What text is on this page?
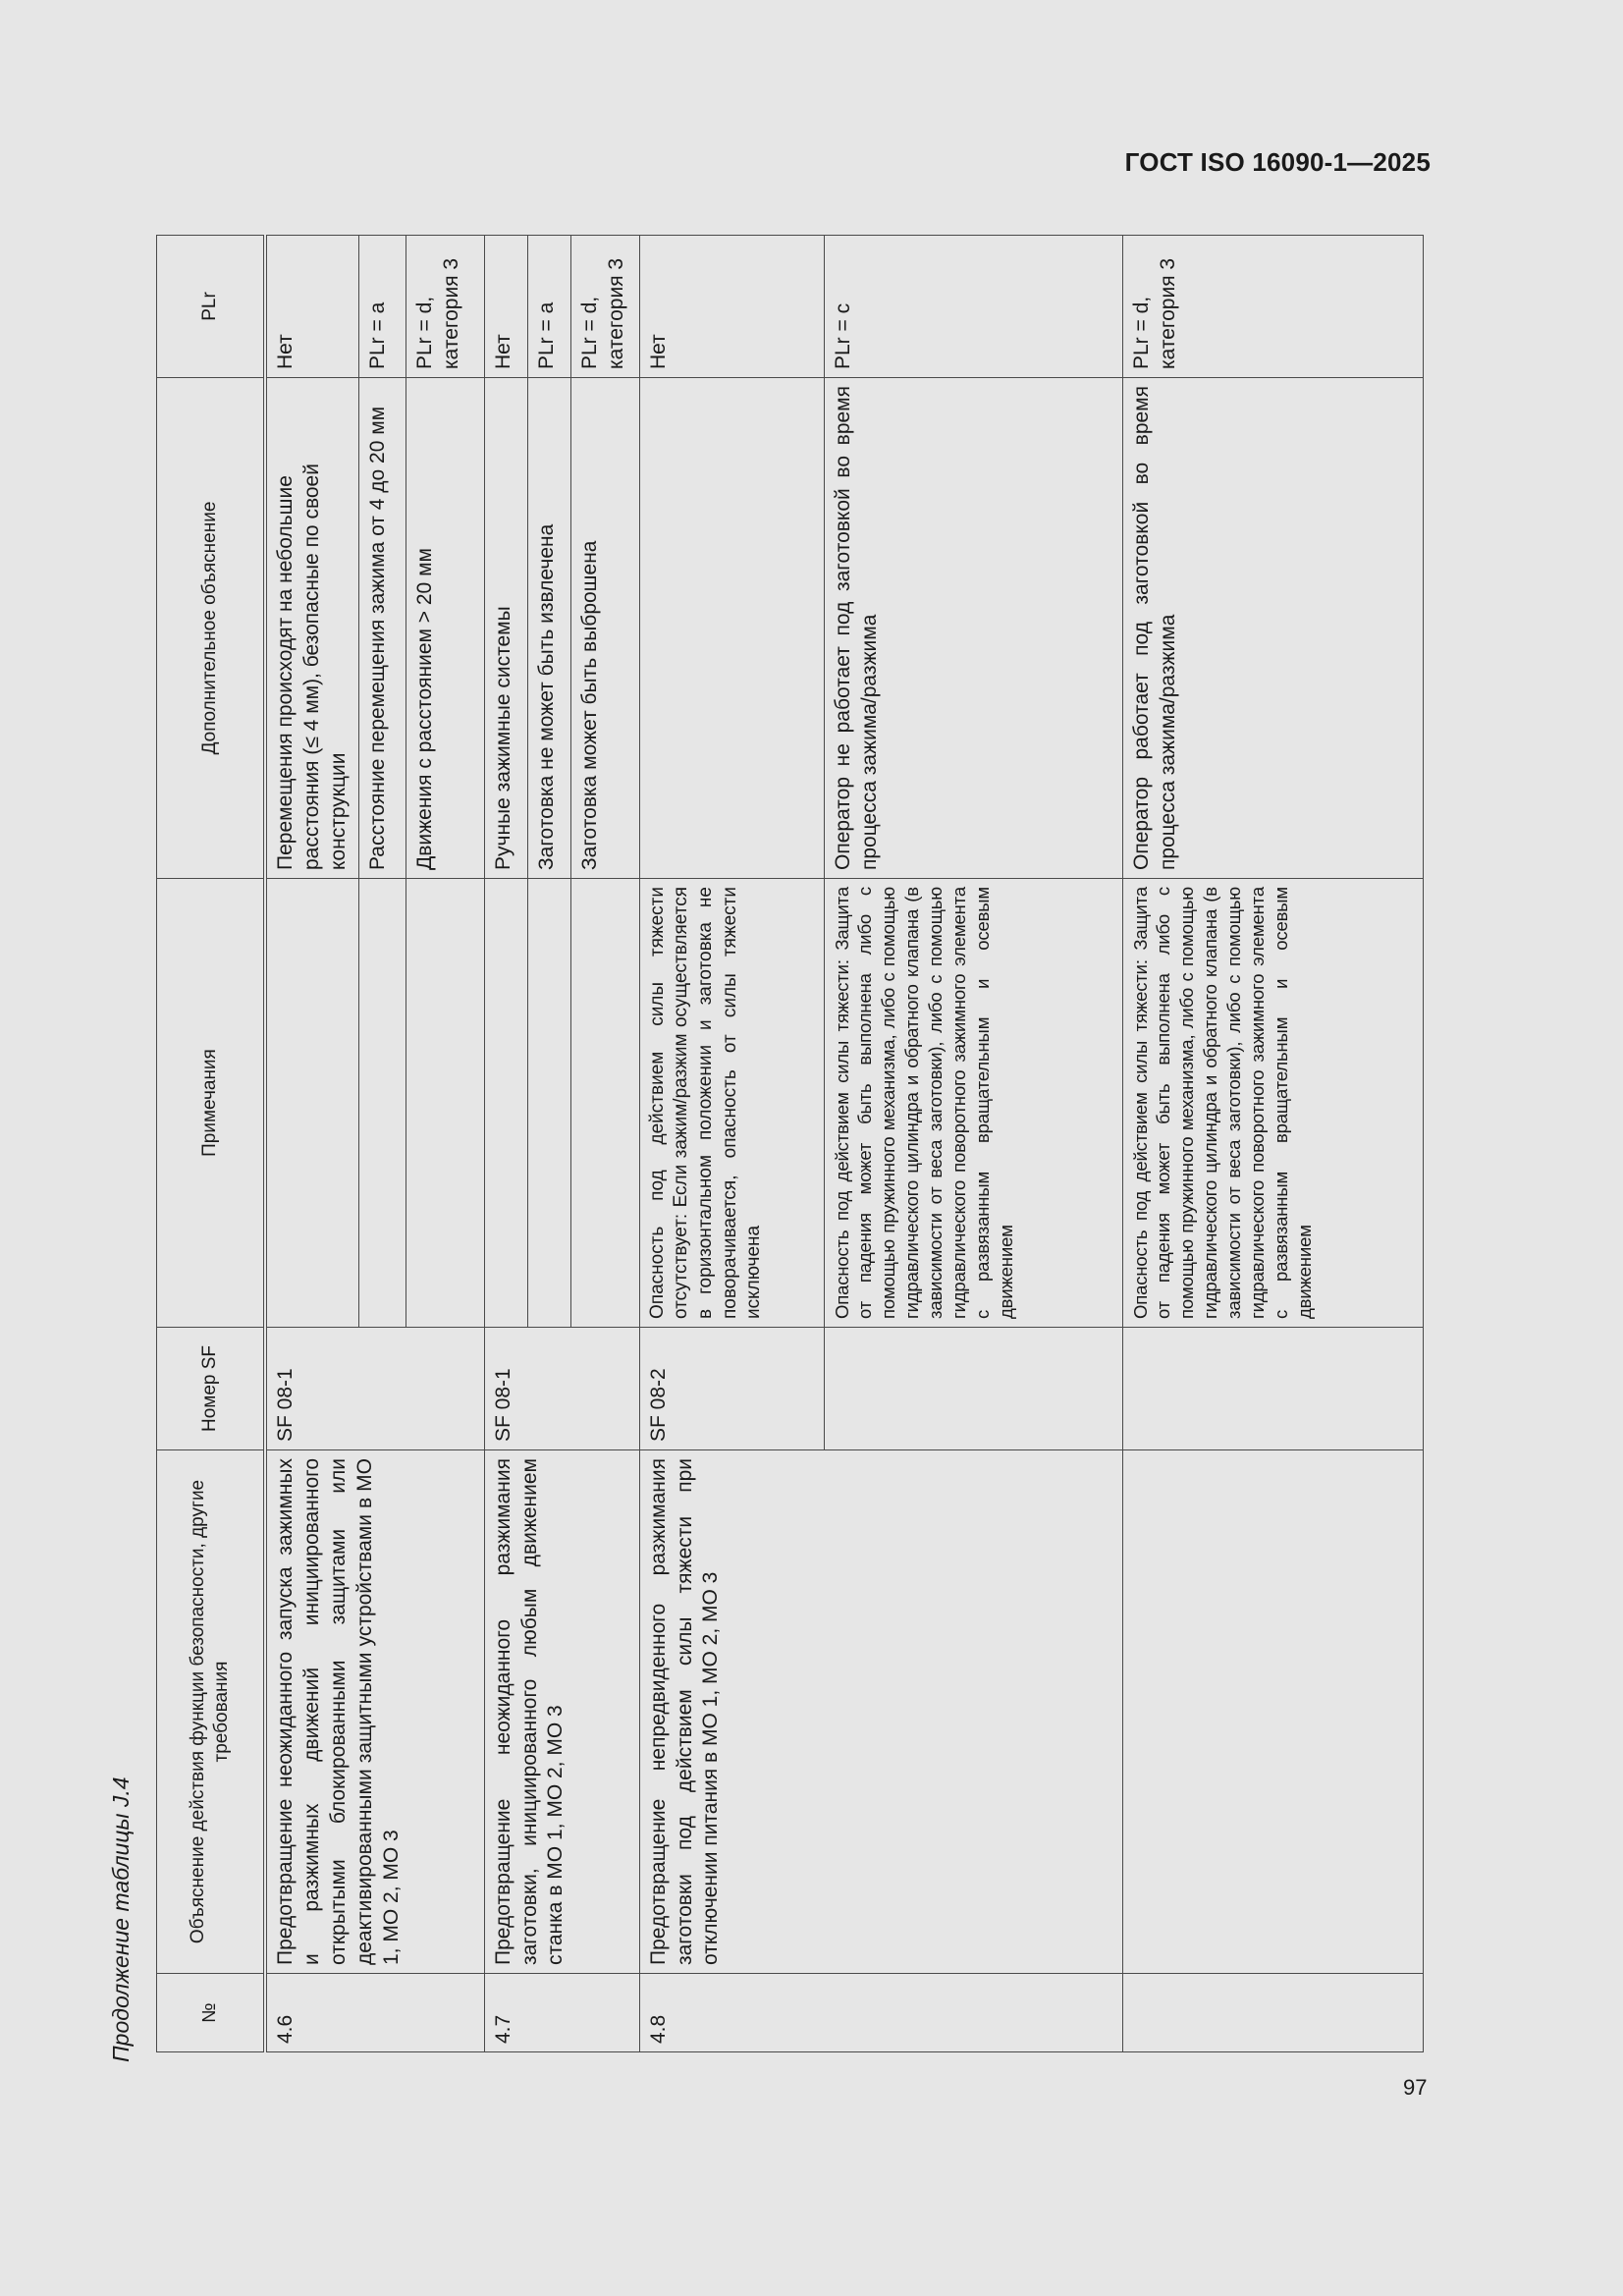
ГОСТ ISO 16090-1—2025
Продолжение таблицы J.4	№	Объяснение действия функции безопасности, другие требования	Номер SF	Примечания	Дополнительное объяснение	PLr
4.6	Предотвращение неожиданного запуска зажимных и разжимных движений инициированного открытыми блокированными защитами или деактивированными защитными устройствами в МО 1, МО 2, МО 3	SF 08-1		Перемещения происходят на небольшие расстояния (≤ 4 мм), безопасные по своей конструкции	Нет
				Расстояние перемещения зажима от 4 до 20 мм	PLr = a
				Движения с расстоянием > 20 мм	PLr = d, категория 3
4.7	Предотвращение неожиданного разжимания заготовки, инициированного любым движением станка в МО 1, МО 2, МО 3	SF 08-1		Ручные зажимные системы	Нет
				Заготовка не может быть извлечена	PLr = a
				Заготовка может быть выброшена	PLr = d, категория 3
4.8	Предотвращение непредвиденного разжимания заготовки под действием силы тяжести при отключении питания в МО 1, МО 2, МО 3	SF 08-2	Опасность под действием силы тяжести отсутствует: Если зажим/разжим осуществляется в горизонтальном положении и заготовка не поворачивается, опасность от силы тяжести исключена		Нет
			Опасность под действием силы тяжести: Защита от падения может быть выполнена либо с помощью пружинного механизма, либо с помощью гидравлического цилиндра и обратного клапана (в зависимости от веса заготовки), либо с помощью гидравлического поворотного зажимного элемента с развязанным вращательным и осевым движением	Оператор не работает под заготовкой во время процесса зажима/разжима	PLr = c
			Опасность под действием силы тяжести: Защита от падения может быть выполнена либо с помощью пружинного механизма, либо с помощью гидравлического цилиндра и обратного клапана (в зависимости от веса заготовки), либо с помощью гидравлического поворотного зажимного элемента с развязанным вращательным и осевым движением	Оператор работает под заготовкой во время процесса зажима/разжима	PLr = d, категория 3
97
